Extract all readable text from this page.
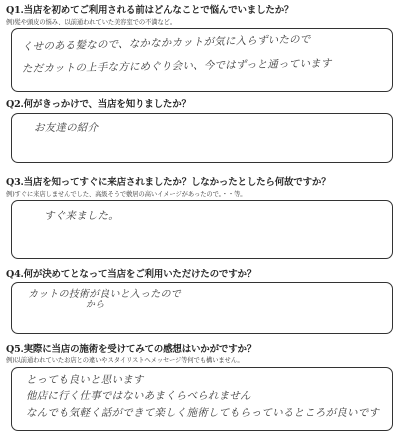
Q1.当店を初めてご利用される前はどんなことで悩んでいましたか？
例)髪や頭皮の悩み、以前通われていた美容室での不満など。
くせのある髪なので、なかなかカットが気に入らずいたので
ただカットの上手な方にめぐり会い、今ではずっと通っています
Q2.何がきっかけで、当店を知りましたか？
お友達の紹介
Q3.当店を知ってすぐに来店されましたか？しなかったとしたら何故ですか？
例)すぐに来店しませんでした、高級そうで敷居の高いイメージがあったので。・・等。
すぐ来ました。
Q4.何が決めてとなって当店をご利用いただけたのですか？
カットの技術が良いと入ったので
から
Q5.実際に当店の施術を受けてみての感想はいかがですか？
例)以前通われていたお店との違いやスタイリストへメッセージ等何でも構いません。
とっても良いと思います
他店に行く仕事ではないあまくらべられません
なんでも気軽く話ができて楽しく施術してもらっているところが良いです
